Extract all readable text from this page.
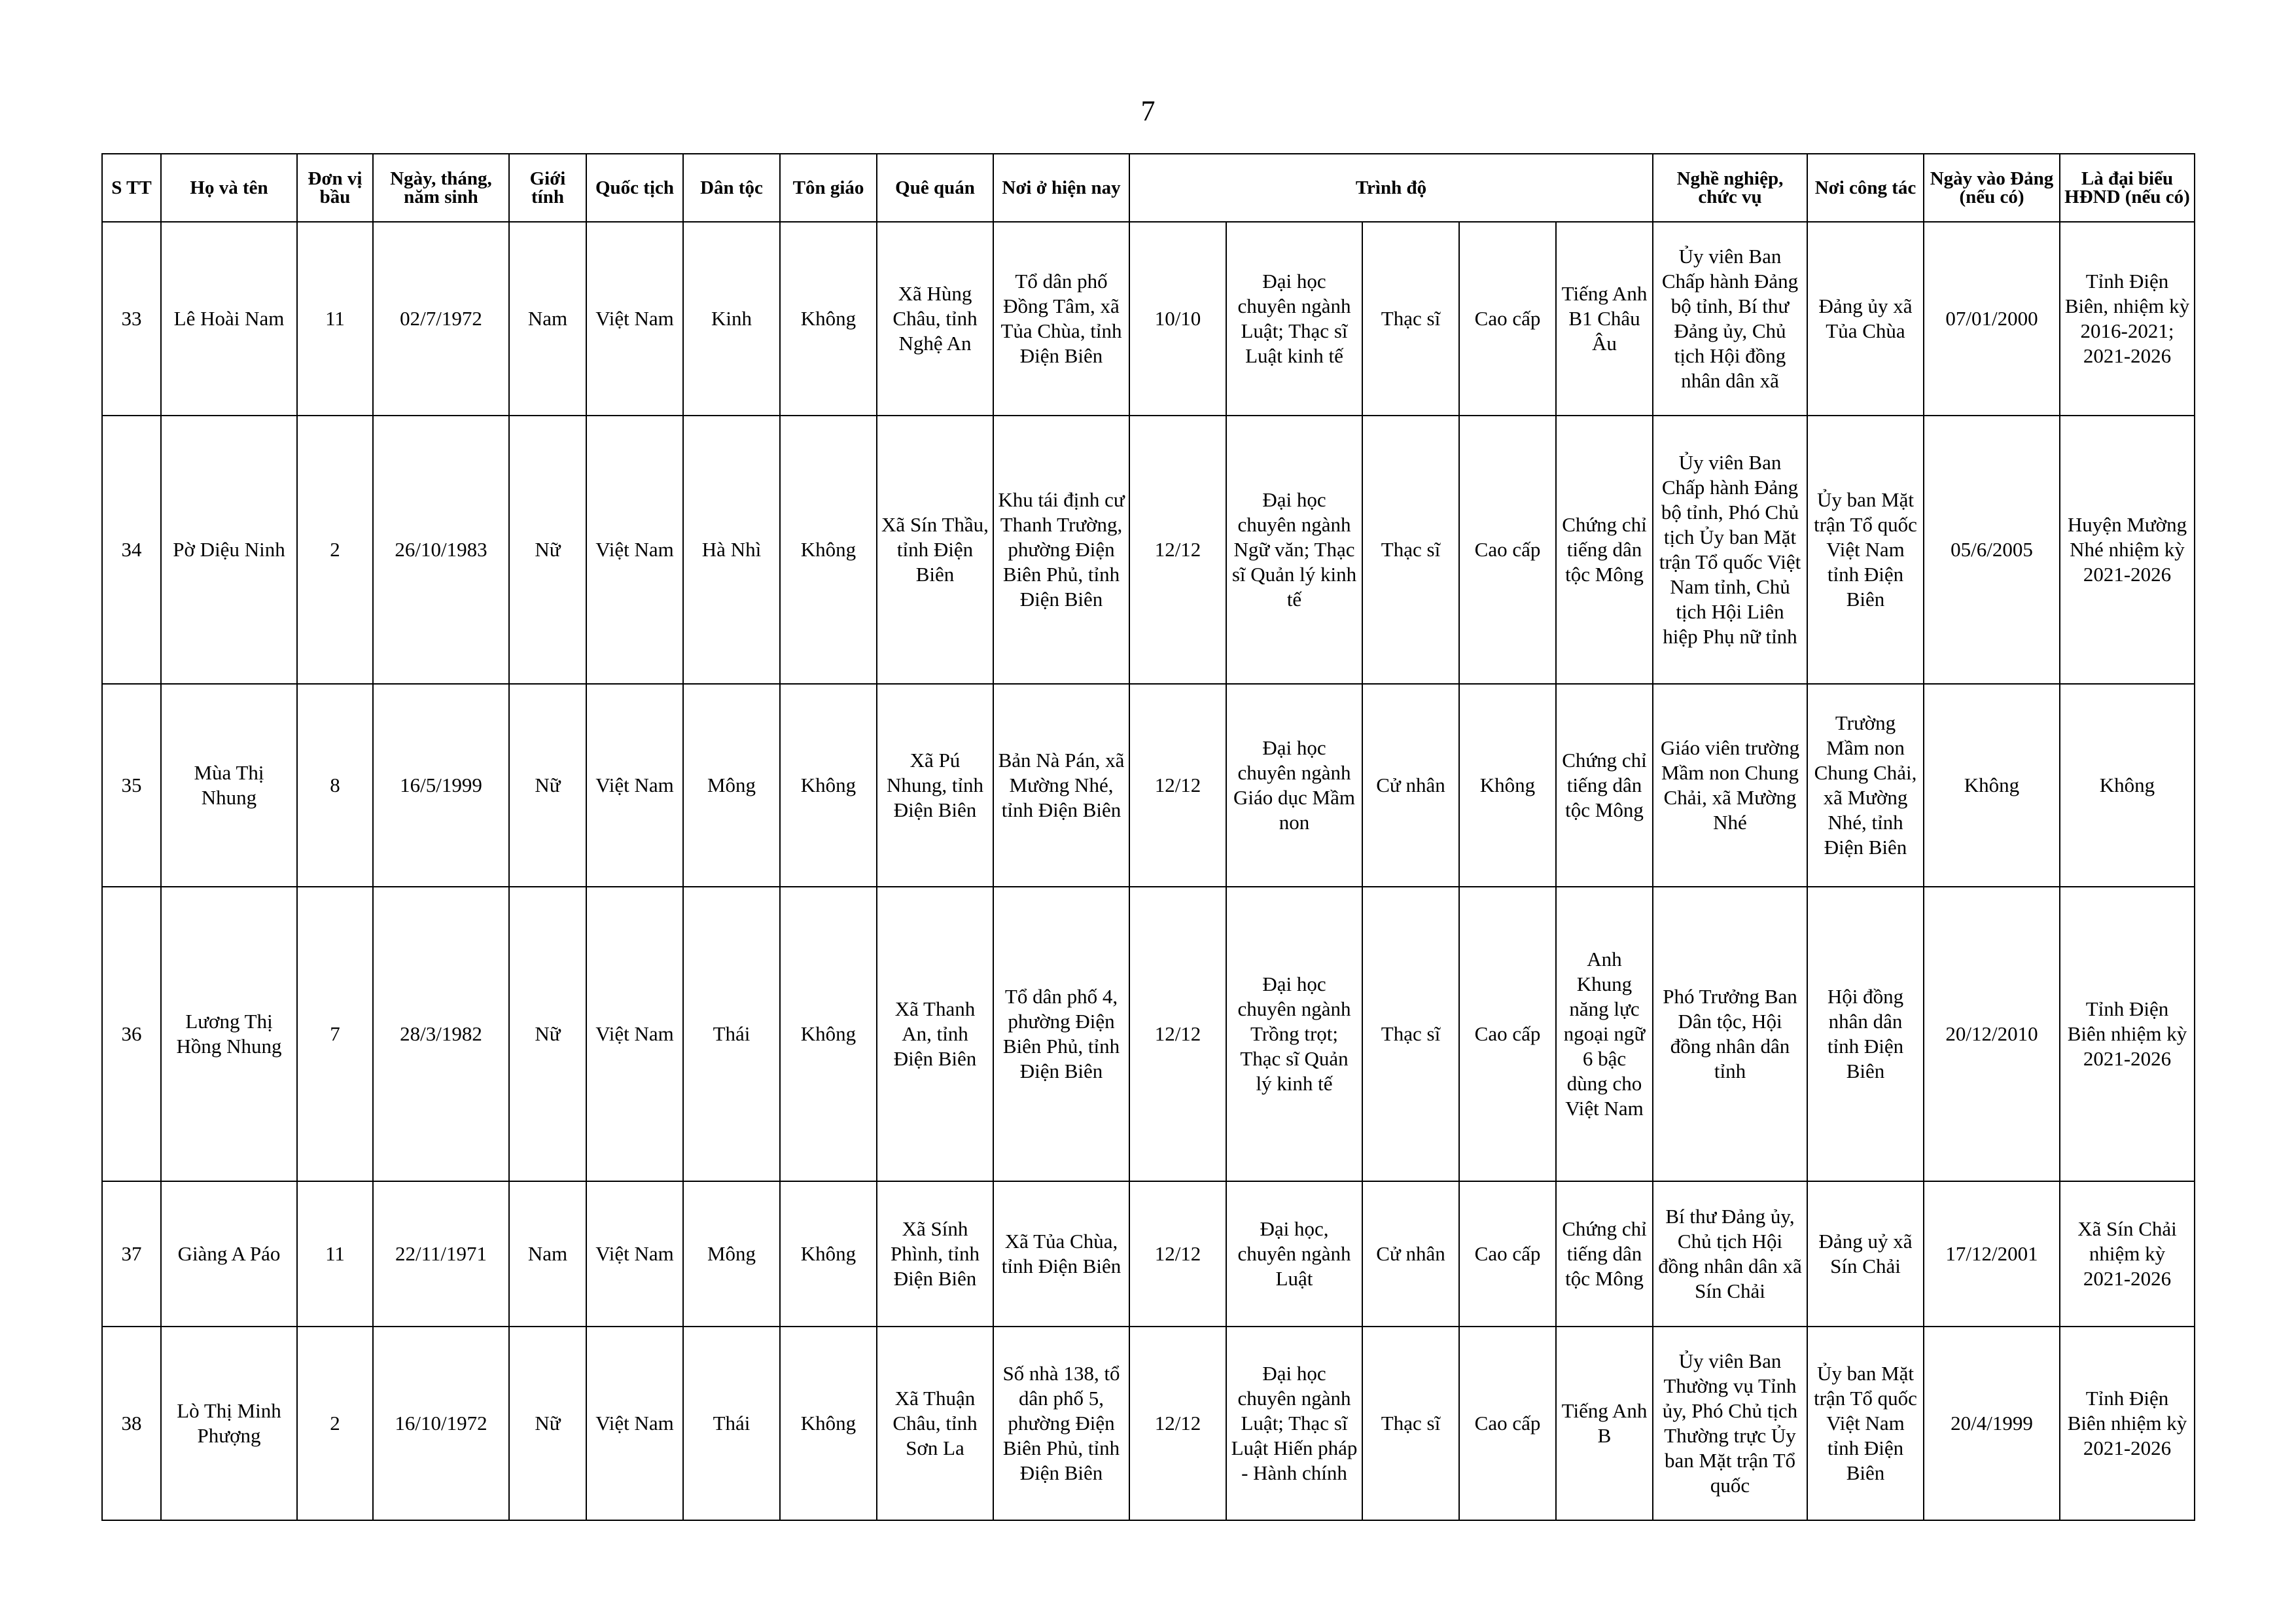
7
S TT	Họ và tên	Đơn vị bầu	Ngày, tháng, năm sinh	Giới tính	Quốc tịch	Dân tộc	Tôn giáo	Quê quán	Nơi ở hiện nay	Trình độ					Nghề nghiệp, chức vụ	Nơi công tác	Ngày vào Đảng (nếu có)	Là đại biểu HĐND (nếu có)
33	Lê Hoài Nam	11	02/7/1972	Nam	Việt Nam	Kinh	Không	Xã Hùng Châu, tỉnh Nghệ An	Tổ dân phố Đồng Tâm, xã Tủa Chùa, tỉnh Điện Biên	10/10	Đại học chuyên ngành Luật; Thạc sĩ Luật kinh tế	Thạc sĩ	Cao cấp	Tiếng Anh B1 Châu Âu	Ủy viên Ban Chấp hành Đảng bộ tỉnh, Bí thư Đảng ủy, Chủ tịch Hội đồng nhân dân xã	Đảng ủy xã Tủa Chùa	07/01/2000	Tỉnh Điện Biên, nhiệm kỳ 2016-2021; 2021-2026
34	Pờ Diệu Ninh	2	26/10/1983	Nữ	Việt Nam	Hà Nhì	Không	Xã Sín Thầu, tỉnh Điện Biên	Khu tái định cư Thanh Trường, phường Điện Biên Phủ, tỉnh Điện Biên	12/12	Đại học chuyên ngành Ngữ văn; Thạc sĩ Quản lý kinh tế	Thạc sĩ	Cao cấp	Chứng chỉ tiếng dân tộc Mông	Ủy viên Ban Chấp hành Đảng bộ tỉnh, Phó Chủ tịch Ủy ban Mặt trận Tổ quốc Việt Nam tỉnh, Chủ tịch Hội Liên hiệp Phụ nữ tỉnh	Ủy ban Mặt trận Tổ quốc Việt Nam tỉnh Điện Biên	05/6/2005	Huyện Mường Nhé nhiệm kỳ 2021-2026
35	Mùa Thị Nhung	8	16/5/1999	Nữ	Việt Nam	Mông	Không	Xã Pú Nhung, tỉnh Điện Biên	Bản Nà Pán, xã Mường Nhé, tỉnh Điện Biên	12/12	Đại học chuyên ngành Giáo dục Mầm non	Cử nhân	Không	Chứng chỉ tiếng dân tộc Mông	Giáo viên trường Mầm non Chung Chải, xã Mường Nhé	Trường Mầm non Chung Chải, xã Mường Nhé, tỉnh Điện Biên	Không	Không
36	Lương Thị Hồng Nhung	7	28/3/1982	Nữ	Việt Nam	Thái	Không	Xã Thanh An, tỉnh Điện Biên	Tổ dân phố 4, phường Điện Biên Phủ, tỉnh Điện Biên	12/12	Đại học chuyên ngành Trồng trọt; Thạc sĩ Quản lý kinh tế	Thạc sĩ	Cao cấp	Anh Khung năng lực ngoại ngữ 6 bậc dùng cho Việt Nam	Phó Trưởng Ban Dân tộc, Hội đồng nhân dân tỉnh	Hội đồng nhân dân tỉnh Điện Biên	20/12/2010	Tỉnh Điện Biên nhiệm kỳ 2021-2026
37	Giàng A Páo	11	22/11/1971	Nam	Việt Nam	Mông	Không	Xã Sính Phình, tỉnh Điện Biên	Xã Tủa Chùa, tỉnh Điện Biên	12/12	Đại học, chuyên ngành Luật	Cử nhân	Cao cấp	Chứng chỉ tiếng dân tộc Mông	Bí thư Đảng ủy, Chủ tịch Hội đồng nhân dân xã Sín Chải	Đảng uỷ xã Sín Chải	17/12/2001	Xã Sín Chải nhiệm kỳ 2021-2026
38	Lò Thị Minh Phượng	2	16/10/1972	Nữ	Việt Nam	Thái	Không	Xã Thuận Châu, tỉnh Sơn La	Số nhà 138, tổ dân phố 5, phường Điện Biên Phủ, tỉnh Điện Biên	12/12	Đại học chuyên ngành Luật; Thạc sĩ Luật Hiến pháp - Hành chính	Thạc sĩ	Cao cấp	Tiếng Anh B	Ủy viên Ban Thường vụ Tỉnh ủy, Phó Chủ tịch Thường trực Ủy ban Mặt trận Tổ quốc	Ủy ban Mặt trận Tổ quốc Việt Nam tỉnh Điện Biên	20/4/1999	Tỉnh Điện Biên nhiệm kỳ 2021-2026
